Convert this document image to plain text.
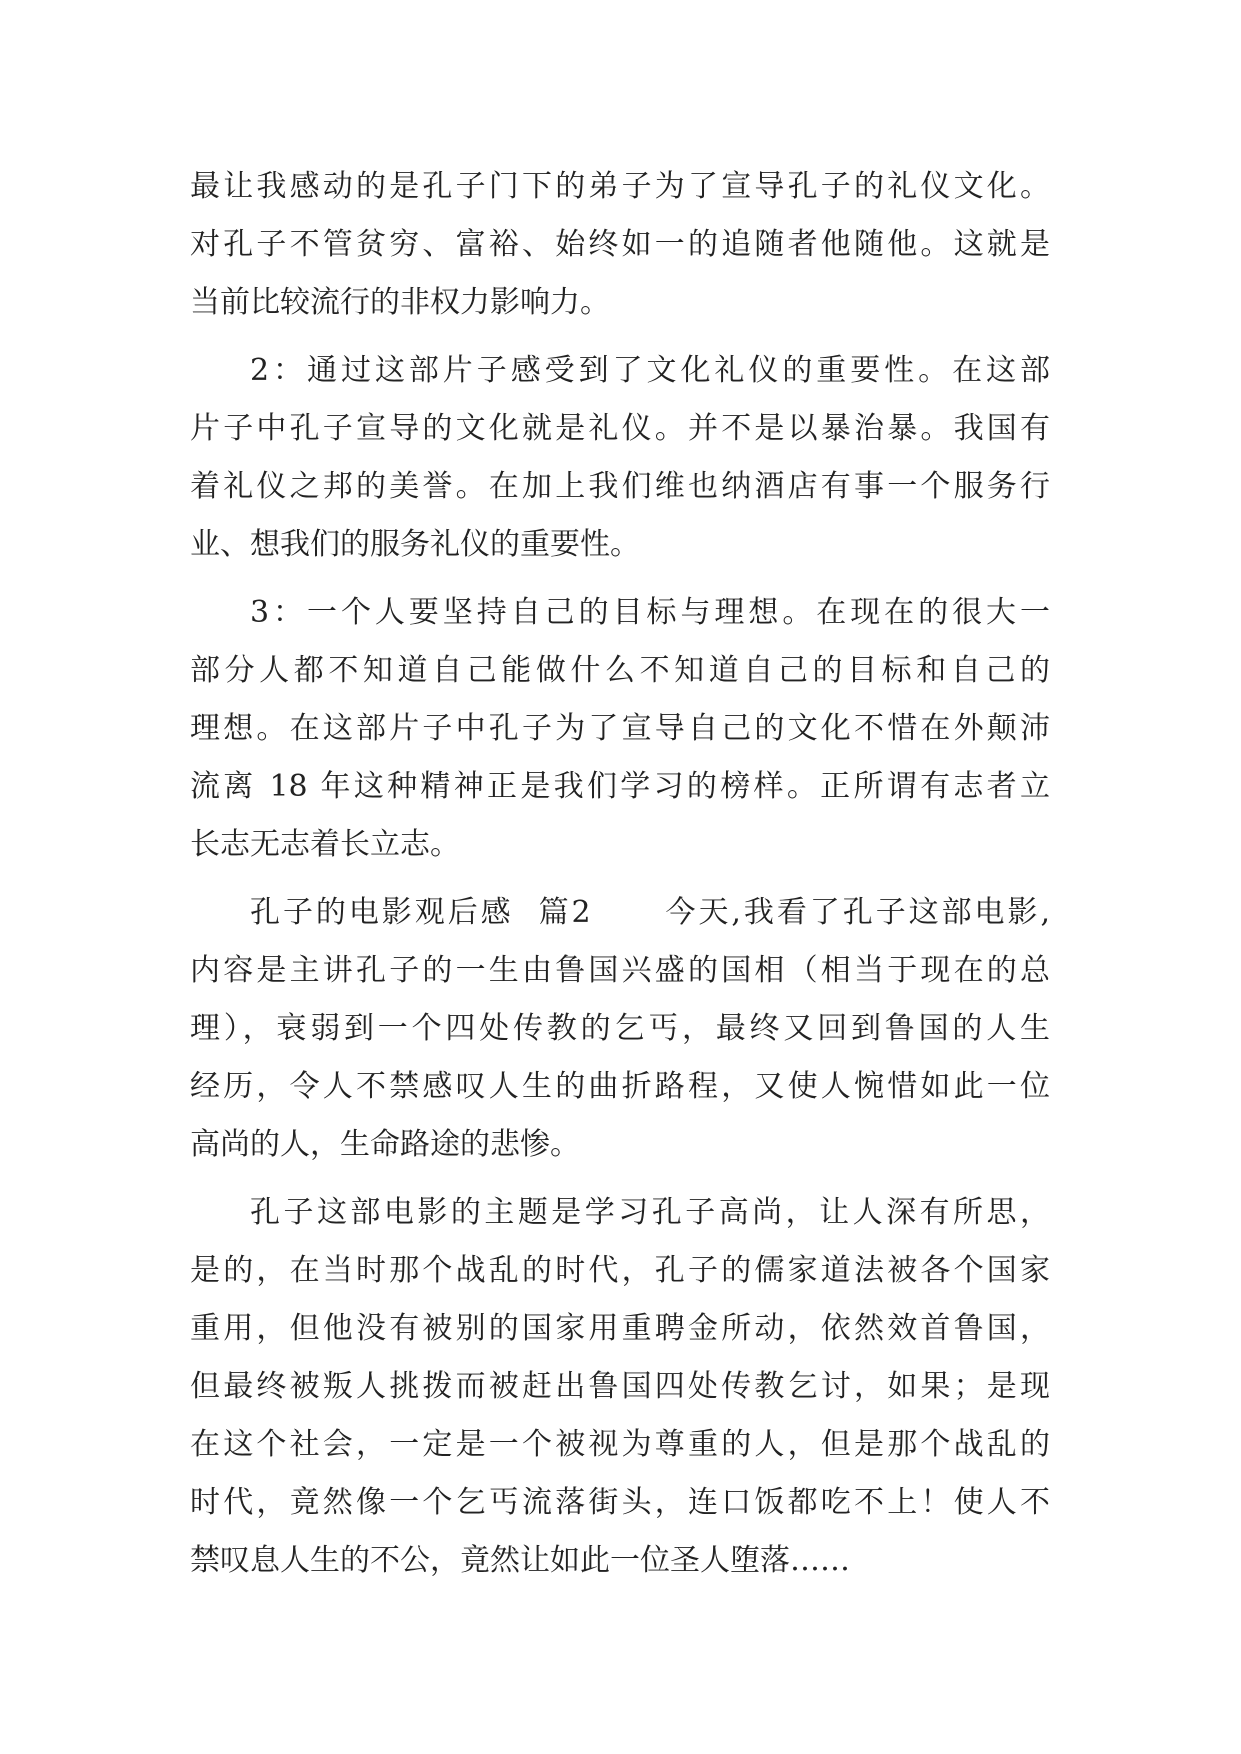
最让我感动的是孔子门下的弟子为了宣导孔子的礼仪文化。
对孔子不管贫穷、富裕、始终如一的追随者他随他。这就是
当前比较流行的非权力影响力。
2：通过这部片子感受到了文化礼仪的重要性。在这部
片子中孔子宣导的文化就是礼仪。并不是以暴治暴。我国有
着礼仪之邦的美誉。在加上我们维也纳酒店有事一个服务行
业、想我们的服务礼仪的重要性。
3：一个人要坚持自己的目标与理想。在现在的很大一
部分人都不知道自己能做什么不知道自己的目标和自己的
理想。在这部片子中孔子为了宣导自己的文化不惜在外颠沛
流离 18 年这种精神正是我们学习的榜样。正所谓有志者立
长志无志着长立志。
孔子的电影观后感  篇2      今天,我看了孔子这部电影,
内容是主讲孔子的一生由鲁国兴盛的国相（相当于现在的总
理），衰弱到一个四处传教的乞丐，最终又回到鲁国的人生
经历，令人不禁感叹人生的曲折路程，又使人惋惜如此一位
高尚的人，生命路途的悲惨。
孔子这部电影的主题是学习孔子高尚，让人深有所思，
是的，在当时那个战乱的时代，孔子的儒家道法被各个国家
重用，但他没有被别的国家用重聘金所动，依然效首鲁国，
但最终被叛人挑拨而被赶出鲁国四处传教乞讨，如果；是现
在这个社会，一定是一个被视为尊重的人，但是那个战乱的
时代，竟然像一个乞丐流落街头，连口饭都吃不上！使人不
禁叹息人生的不公，竟然让如此一位圣人堕落……
